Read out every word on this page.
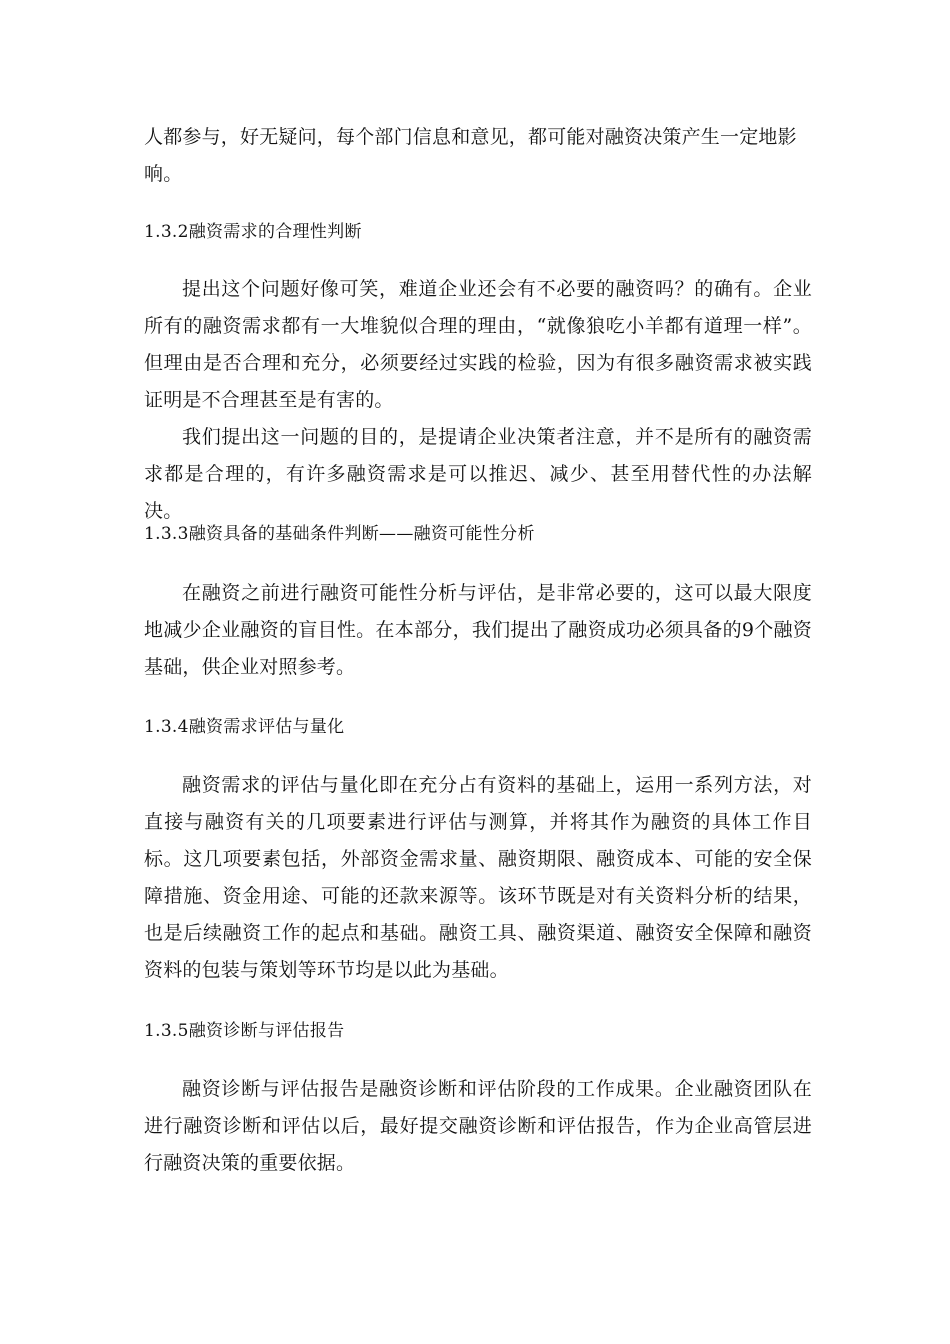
人都参与，好无疑问，每个部门信息和意见，都可能对融资决策产生一定地影响。

1.3.2融资需求的合理性判断

提出这个问题好像可笑，难道企业还会有不必要的融资吗？的确有。企业所有的融资需求都有一大堆貌似合理的理由，“就像狼吃小羊都有道理一样”。但理由是否合理和充分，必须要经过实践的检验，因为有很多融资需求被实践证明是不合理甚至是有害的。

我们提出这一问题的目的，是提请企业决策者注意，并不是所有的融资需求都是合理的，有许多融资需求是可以推迟、减少、甚至用替代性的办法解决。

1.3.3融资具备的基础条件判断——融资可能性分析

在融资之前进行融资可能性分析与评估，是非常必要的，这可以最大限度地减少企业融资的盲目性。在本部分，我们提出了融资成功必须具备的9个融资基础，供企业对照参考。

1.3.4融资需求评估与量化

融资需求的评估与量化即在充分占有资料的基础上，运用一系列方法，对直接与融资有关的几项要素进行评估与测算，并将其作为融资的具体工作目标。这几项要素包括，外部资金需求量、融资期限、融资成本、可能的安全保障措施、资金用途、可能的还款来源等。该环节既是对有关资料分析的结果，也是后续融资工作的起点和基础。融资工具、融资渠道、融资安全保障和融资资料的包装与策划等环节均是以此为基础。

1.3.5融资诊断与评估报告

融资诊断与评估报告是融资诊断和评估阶段的工作成果。企业融资团队在进行融资诊断和评估以后，最好提交融资诊断和评估报告，作为企业高管层进行融资决策的重要依据。
